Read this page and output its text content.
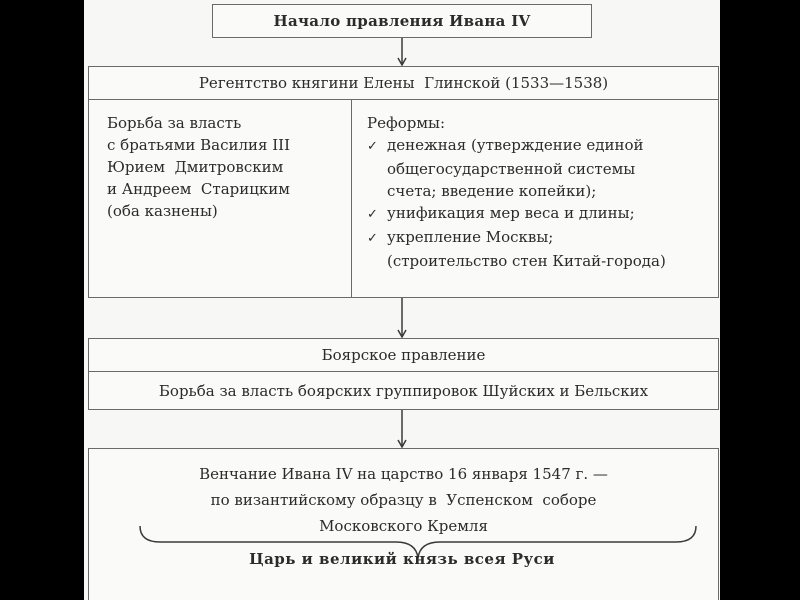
Начало правления Ивана IV
Регентство княгини Елены  Глинской (1533—1538)
Борьба за власть
с братьями Василия III
Юрием  Дмитровским
и Андреем  Старицким
(оба казнены)
Реформы:
✓ денежная (утверждение единой
общегосударственной системы
счета; введение копейки);
✓ унификация мер веса и длины;
✓ укрепление Москвы;
(строительство стен Китай-города)
Боярское правление
Борьба за власть боярских группировок Шуйских и Бельских
Венчание Ивана IV на царство 16 января 1547 г. —
по византийскому образцу в  Успенском  соборе
Московского Кремля
Царь и великий князь всея Руси
